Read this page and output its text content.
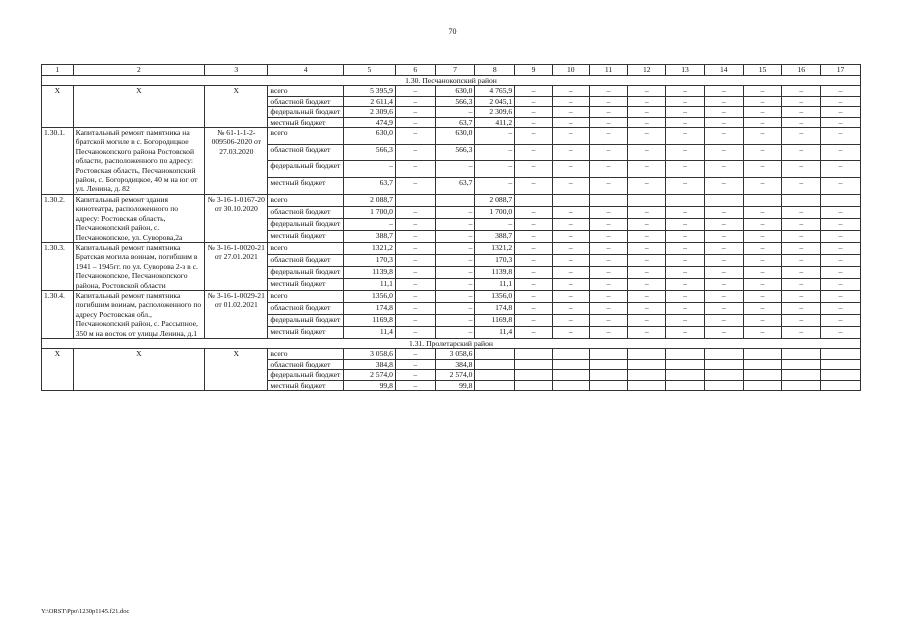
70
1	2	3	4	5	6	7	8	9	10	11	12	13	14	15	16	17
1.30. Песчанокопский район																
X	X	X	всего	5 395,9	–	630,0	4 765,9	–	–	–	–	–	–	–	–	–
			областной бюджет	2 611,4	–	566,3	2 045,1	–	–	–	–	–	–	–	–	–
			федеральный бюджет	2 309,6	–	–	2 309,6	–	–	–	–	–	–	–	–	–
			местный бюджет	474,9	–	63,7	411,2	–	–	–	–	–	–	–	–	–
1.30.1.	Капитальный ремонт памятника на братской могиле в с. Богородицкое Песчанокопского района Ростовской области, расположенного по адресу: Ростовская область, Песчанокопский район, с. Богородицкое, 40 м на юг от ул. Ленина, д. 82	№ 61-1-1-2-009506-2020 от 27.03.2020	всего	630,0	–	630,0	–	–	–	–	–	–	–	–	–	–
			областной бюджет	566,3	–	566,3	–	–	–	–	–	–	–	–	–	–
			федеральный бюджет	–	–	–	–	–	–	–	–	–	–	–	–	–
			местный бюджет	63,7	–	63,7	–	–	–	–	–	–	–	–	–	–
1.30.2.	Капитальный ремонт здания кинотеатра, расположенного по адресу: Ростовская область, Песчанокопский район, с. Песчанокопское, ул. Суворова,2а	№ 3-16-1-0167-20 от 30.10.2020	всего	2 088,7			2 088,7									
			областной бюджет	1 700,0	–	–	1 700,0	–	–	–	–	–	–	–	–	–
			федеральный бюджет	–	–	–	–	–	–	–	–	–	–	–	–	–
			местный бюджет	388,7	–	–	388,7	–	–	–	–	–	–	–	–	–
1.30.3.	Капитальный ремонт памятника Братская могила воинам, погибшим в 1941 – 1945гг. по ул. Суворова 2-з в с. Песчанокопское, Песчанокопского района, Ростовской области	№ 3-16-1-0020-21 от 27.01.2021	всего	1321,2	–	–	1321,2	–	–	–	–	–	–	–	–	–
			областной бюджет	170,3	–	–	170,3	–	–	–	–	–	–	–	–	–
			федеральный бюджет	1139,8	–	–	1139,8	–	–	–	–	–	–	–	–	–
			местный бюджет	11,1	–	–	11,1	–	–	–	–	–	–	–	–	–
1.30.4.	Капитальный ремонт памятника погибшим воинам, расположенного по адресу Ростовская обл., Песчанокопский район, с. Рассыпное, 350 м на восток от улицы Ленина, д.1	№ 3-16-1-0029-21 от 01.02.2021	всего	1356,0	–	–	1356,0	–	–	–	–	–	–	–	–	–
			областной бюджет	174,8	–	–	174,8	–	–	–	–	–	–	–	–	–
			федеральный бюджет	1169,8	–	–	1169,8	–	–	–	–	–	–	–	–	–
			местный бюджет	11,4	–	–	11,4	–	–	–	–	–	–	–	–	–
1.31. Пролетарский район																
X	X	X	всего	3 058,6	–	3 058,6										
			областной бюджет	384,8	–	384,8										
			федеральный бюджет	2 574,0	–	2 574,0										
			местный бюджет	99,8	–	99,8										
Y:\ORST\Ppo\1230p1145.f21.doc
